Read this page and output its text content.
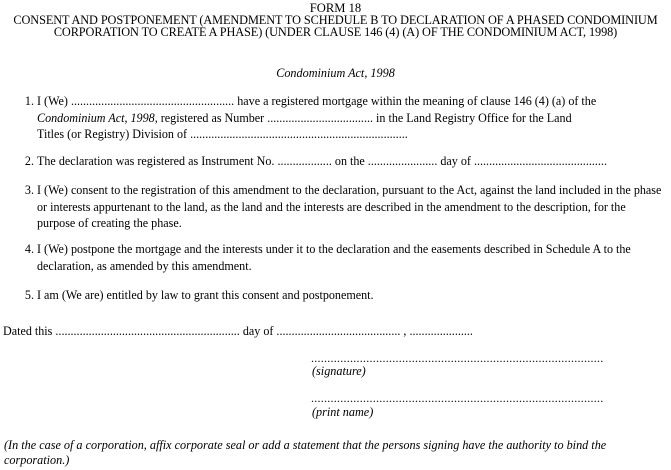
FORM 18
CONSENT AND POSTPONEMENT (AMENDMENT TO SCHEDULE B TO DECLARATION OF A PHASED CONDOMINIUM CORPORATION TO CREATE A PHASE) (UNDER CLAUSE 146 (4) (A) OF THE CONDOMINIUM ACT, 1998)
Condominium Act, 1998
1. I (We) ...................................................... have a registered mortgage within the meaning of clause 146 (4) (a) of the
Condominium Act, 1998, registered as Number ................................... in the Land Registry Office for the Land
Titles (or Registry) Division of ........................................................................
2. The declaration was registered as Instrument No. .................. on the ....................... day of ............................................
3. I (We) consent to the registration of this amendment to the declaration, pursuant to the Act, against the land included in the phase or interests appurtenant to the land, as the land and the interests are described in the amendment to the description, for the purpose of creating the phase.
4. I (We) postpone the mortgage and the interests under it to the declaration and the easements described in Schedule A to the declaration, as amended by this amendment.
5. I am (We are) entitled by law to grant this consent and postponement.
Dated this ............................................................. day of ......................................... , .....................
..........................................................................................
(signature)
..........................................................................................
(print name)
(In the case of a corporation, affix corporate seal or add a statement that the persons signing have the authority to bind the corporation.)
